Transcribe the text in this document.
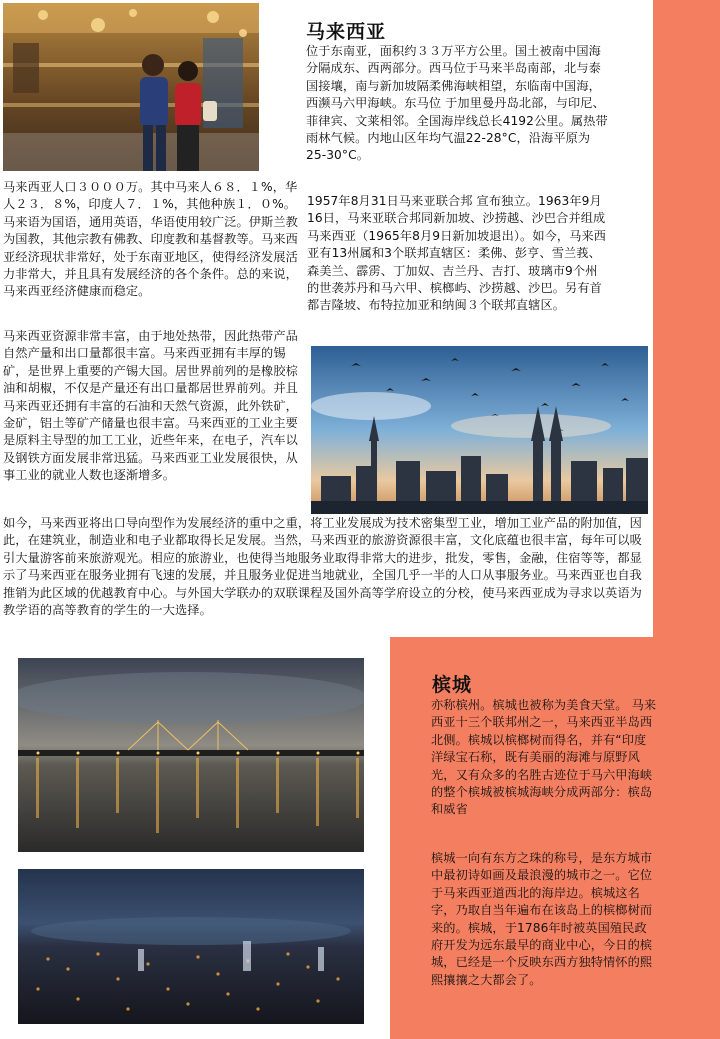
马来西亚

位于东南亚，面积约３３万平方公里。国土被南中国海分隔成东、西两部分。西马位于马来半岛南部，北与泰国接壤，南与新加坡隔柔佛海峡相望，东临南中国海，西濒马六甲海峡。东马位 于加里曼丹岛北部，与印尼、菲律宾、文莱相邻。全国海岸线总长4192公里。属热带雨林气候。内地山区年均气温22-28°C，沿海平原为25-30°C。

马来西亚人口３０００万。其中马来人６８．１%，华人２３．８%，印度人７．１%，其他种族１．０%。马来语为国语，通用英语，华语使用较广泛。伊斯兰教为国教，其他宗教有佛教、印度教和基督教等。马来西亚经济现状非常好，处于东南亚地区，使得经济发展活力非常大，并且具有发展经济的各个条件。总的来说，马来西亚经济健康而稳定。

1957年8月31日马来亚联合邦 宣布独立。1963年9月16日，马来亚联合邦同新加坡、沙捞越、沙巴合并组成马来西亚（1965年8月9日新加坡退出）。如今，马来西亚有13州属和3个联邦直辖区：柔佛、彭亨、雪兰莪、森美兰、霹雳、丁加奴、吉兰丹、吉打、玻璃市9个州的世袭苏丹和马六甲、槟榔屿、沙捞越、沙巴。另有首都吉隆坡、布特拉加亚和纳闽３个联邦直辖区。

马来西亚资源非常丰富，由于地处热带，因此热带产品自然产量和出口量都很丰富。马来西亚拥有丰厚的锡矿，是世界上重要的产锡大国。居世界前列的是橡胶棕油和胡椒，不仅是产量还有出口量都居世界前列。并且马来西亚还拥有丰富的石油和天然气资源，此外铁矿，金矿，铝土等矿产储量也很丰富。马来西亚的工业主要是原料主导型的加工工业，近些年来，在电子，汽车以及钢铁方面发展非常迅猛。马来西亚工业发展很快，从事工业的就业人数也逐渐增多。

如今，马来西亚将出口导向型作为发展经济的重中之重，将工业发展成为技术密集型工业，增加工业产品的附加值，因此，在建筑业，制造业和电子业都取得长足发展。当然，马来西亚的旅游资源很丰富，文化底蕴也很丰富，每年可以吸引大量游客前来旅游观光。相应的旅游业，也使得当地服务业取得非常大的进步，批发，零售，金融，住宿等等，都显示了马来西亚在服务业拥有飞速的发展，并且服务业促进当地就业，全国几乎一半的人口从事服务业。马来西亚也自我推销为此区域的优越教育中心。与外国大学联办的双联课程及国外高等学府设立的分校，使马来西亚成为寻求以英语为教学语的高等教育的学生的一大选择。

槟城

亦称槟州。槟城也被称为美食天堂。 马来西亚十三个联邦州之一，马来西亚半岛西北侧。槟城以槟榔树而得名，并有“印度洋绿宝石称，既有美丽的海滩与原野风光，又有众多的名胜古迹位于马六甲海峡的整个槟城被槟城海峡分成两部分：槟岛和威省

槟城一向有东方之珠的称号，是东方城市中最初诗如画及最浪漫的城市之一。它位于马来西亚道西北的海岸边。槟城这名字，乃取自当年遍布在该岛上的槟榔树而来的。槟城，于1786年时被英国殖民政府开发为远东最早的商业中心，今日的槟城，已经是一个反映东西方独特情怀的熙熙攘攘之大都会了。
